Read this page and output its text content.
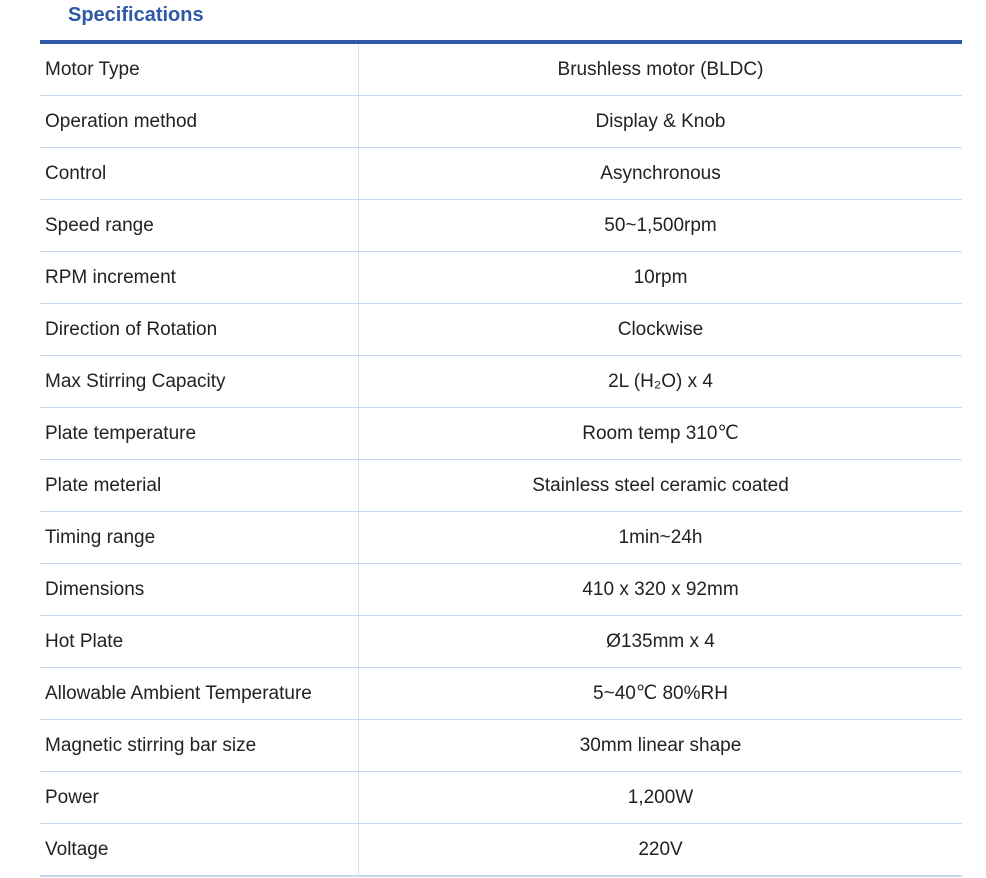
Specifications
Motor Type	Brushless motor (BLDC)
Operation method	Display & Knob
Control	Asynchronous
Speed range	50~1,500rpm
RPM increment	10rpm
Direction of Rotation	Clockwise
Max Stirring Capacity	2L (H₂O) x 4
Plate temperature	Room temp 310℃
Plate meterial	Stainless steel ceramic coated
Timing range	1min~24h
Dimensions	410 x 320 x 92mm
Hot Plate	Ø135mm x 4
Allowable Ambient Temperature	5~40℃ 80%RH
Magnetic stirring bar size	30mm linear shape
Power	1,200W
Voltage	220V
